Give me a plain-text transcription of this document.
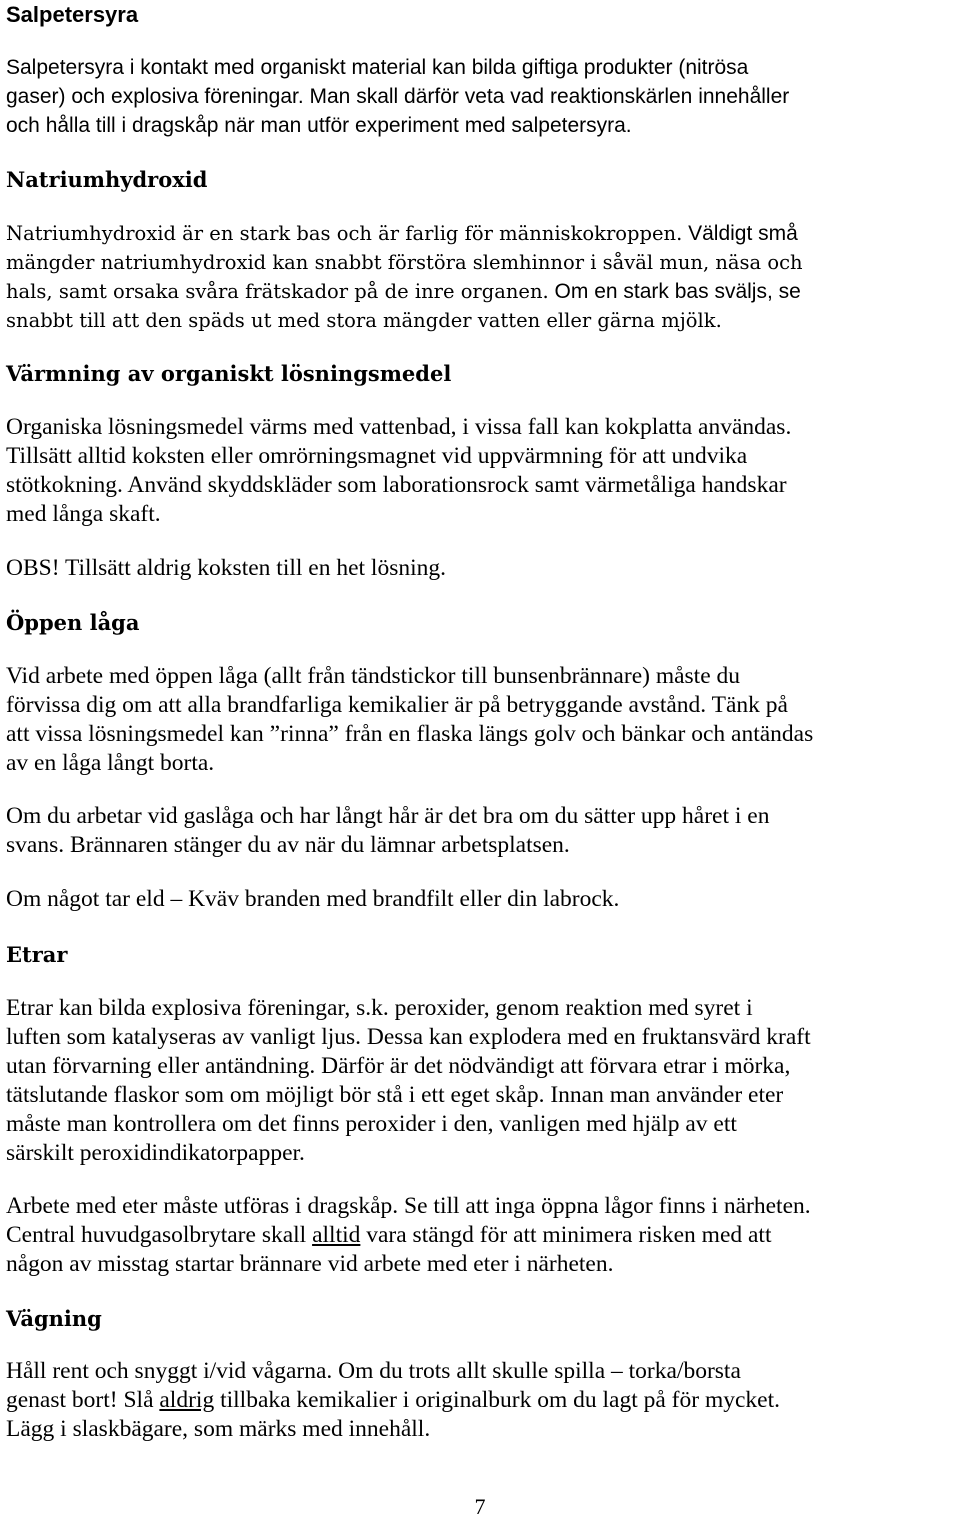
Salpetersyra

Salpetersyra i kontakt med organiskt material kan bilda giftiga produkter (nitrösa
gaser) och explosiva föreningar. Man skall därför veta vad reaktionskärlen innehåller
och hålla till i dragskåp när man utför experiment med salpetersyra.

Natriumhydroxid

Natriumhydroxid är en stark bas och är farlig för människokroppen. Väldigt små
mängder natriumhydroxid kan snabbt förstöra slemhinnor i såväl mun, näsa och
hals, samt orsaka svåra frätskador på de inre organen. Om en stark bas sväljs, se
snabbt till att den späds ut med stora mängder vatten eller gärna mjölk.

Värmning av organiskt lösningsmedel

Organiska lösningsmedel värms med vattenbad, i vissa fall kan kokplatta användas.
Tillsätt alltid koksten eller omrörningsmagnet vid uppvärmning för att undvika
stötkokning. Använd skyddskläder som laborationsrock samt värmetåliga handskar
med långa skaft.

OBS! Tillsätt aldrig koksten till en het lösning.

Öppen låga

Vid arbete med öppen låga (allt från tändstickor till bunsenbrännare) måste du
förvissa dig om att alla brandfarliga kemikalier är på betryggande avstånd. Tänk på
att vissa lösningsmedel kan ”rinna” från en flaska längs golv och bänkar och antändas
av en låga långt borta.

Om du arbetar vid gaslåga och har långt hår är det bra om du sätter upp håret i en
svans. Brännaren stänger du av när du lämnar arbetsplatsen.

Om något tar eld – Kväv branden med brandfilt eller din labrock.

Etrar

Etrar kan bilda explosiva föreningar, s.k. peroxider, genom reaktion med syret i
luften som katalyseras av vanligt ljus. Dessa kan explodera med en fruktansvärd kraft
utan förvarning eller antändning. Därför är det nödvändigt att förvara etrar i mörka,
tätslutande flaskor som om möjligt bör stå i ett eget skåp. Innan man använder eter
måste man kontrollera om det finns peroxider i den, vanligen med hjälp av ett
särskilt peroxidindikatorpapper.

Arbete med eter måste utföras i dragskåp. Se till att inga öppna lågor finns i närheten.
Central huvudgasolbrytare skall alltid vara stängd för att minimera risken med att
någon av misstag startar brännare vid arbete med eter i närheten.

Vägning

Håll rent och snyggt i/vid vågarna. Om du trots allt skulle spilla – torka/borsta
genast bort! Slå aldrig tillbaka kemikalier i originalburk om du lagt på för mycket.
Lägg i slaskbägare, som märks med innehåll.

7
